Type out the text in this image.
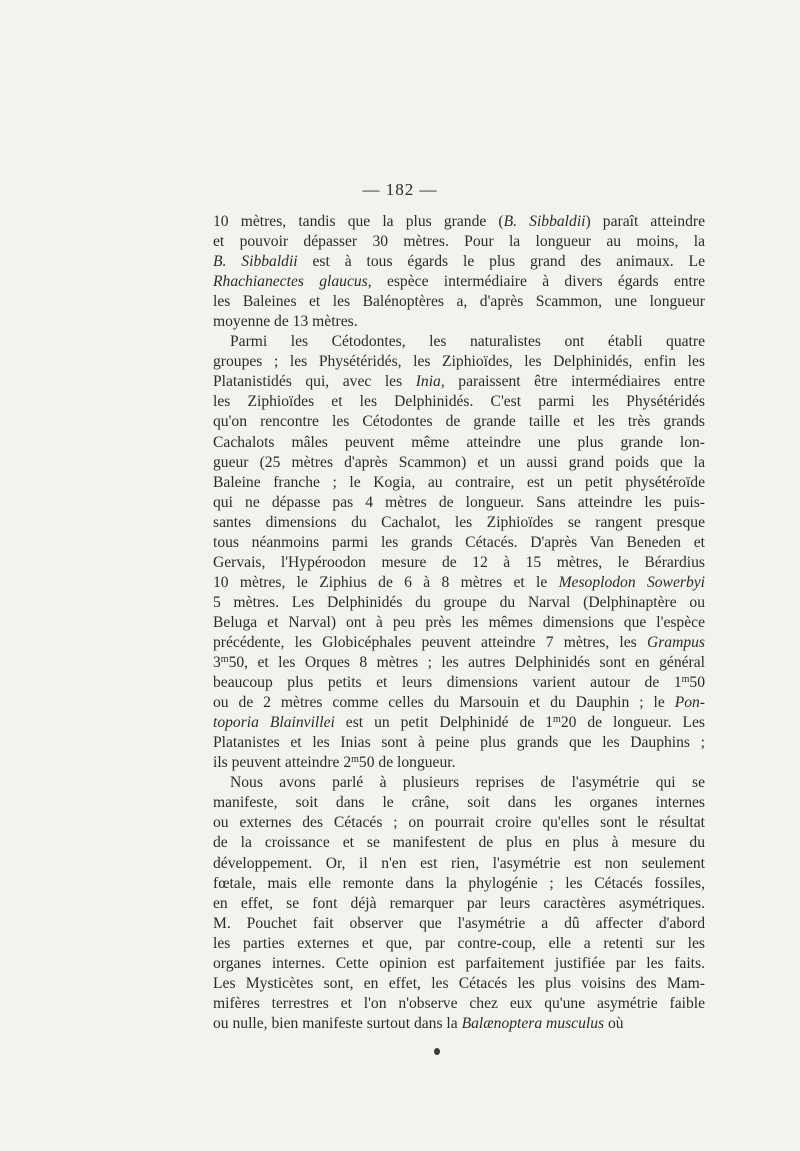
— 182 —
10 mètres, tandis que la plus grande (B. Sibbaldii) paraît atteindre
et pouvoir dépasser 30 mètres. Pour la longueur au moins, la
B. Sibbaldii est à tous égards le plus grand des animaux. Le
Rhachianectes glaucus, espèce intermédiaire à divers égards entre
les Baleines et les Balénoptères a, d'après Scammon, une longueur
moyenne de 13 mètres.
Parmi les Cétodontes, les naturalistes ont établi quatre
groupes ; les Physétéridés, les Ziphioïdes, les Delphinidés, enfin les
Platanistidés qui, avec les Inia, paraissent être intermédiaires entre
les Ziphioïdes et les Delphinidés. C'est parmi les Physétéridés
qu'on rencontre les Cétodontes de grande taille et les très grands
Cachalots mâles peuvent même atteindre une plus grande lon-
gueur (25 mètres d'après Scammon) et un aussi grand poids que la
Baleine franche ; le Kogia, au contraire, est un petit physétéroïde
qui ne dépasse pas 4 mètres de longueur. Sans atteindre les puis-
santes dimensions du Cachalot, les Ziphioïdes se rangent presque
tous néanmoins parmi les grands Cétacés. D'après Van Beneden et
Gervais, l'Hypéroodon mesure de 12 à 15 mètres, le Bérardius
10 mètres, le Ziphius de 6 à 8 mètres et le Mesoplodon Sowerbyi
5 mètres. Les Delphinidés du groupe du Narval (Delphinaptère ou
Beluga et Narval) ont à peu près les mêmes dimensions que l'espèce
précédente, les Globicéphales peuvent atteindre 7 mètres, les Grampus
3$^m$50, et les Orques 8 mètres ; les autres Delphinidés sont en général
beaucoup plus petits et leurs dimensions varient autour de 1$^m$50
ou de 2 mètres comme celles du Marsouin et du Dauphin ; le Pon-
toporia Blainvillei est un petit Delphinidé de 1$^m$20 de longueur. Les
Platanistes et les Inias sont à peine plus grands que les Dauphins ;
ils peuvent atteindre 2$^m$50 de longueur.
Nous avons parlé à plusieurs reprises de l'asymétrie qui se
manifeste, soit dans le crâne, soit dans les organes internes
ou externes des Cétacés ; on pourrait croire qu'elles sont le résultat
de la croissance et se manifestent de plus en plus à mesure du
développement. Or, il n'en est rien, l'asymétrie est non seulement
fœtale, mais elle remonte dans la phylogénie ; les Cétacés fossiles,
en effet, se font déjà remarquer par leurs caractères asymétriques.
M. Pouchet fait observer que l'asymétrie a dû affecter d'abord
les parties externes et que, par contre-coup, elle a retenti sur les
organes internes. Cette opinion est parfaitement justifiée par les faits.
Les Mysticètes sont, en effet, les Cétacés les plus voisins des Mam-
mifères terrestres et l'on n'observe chez eux qu'une asymétrie faible
ou nulle, bien manifeste surtout dans la Balænoptera musculus où
